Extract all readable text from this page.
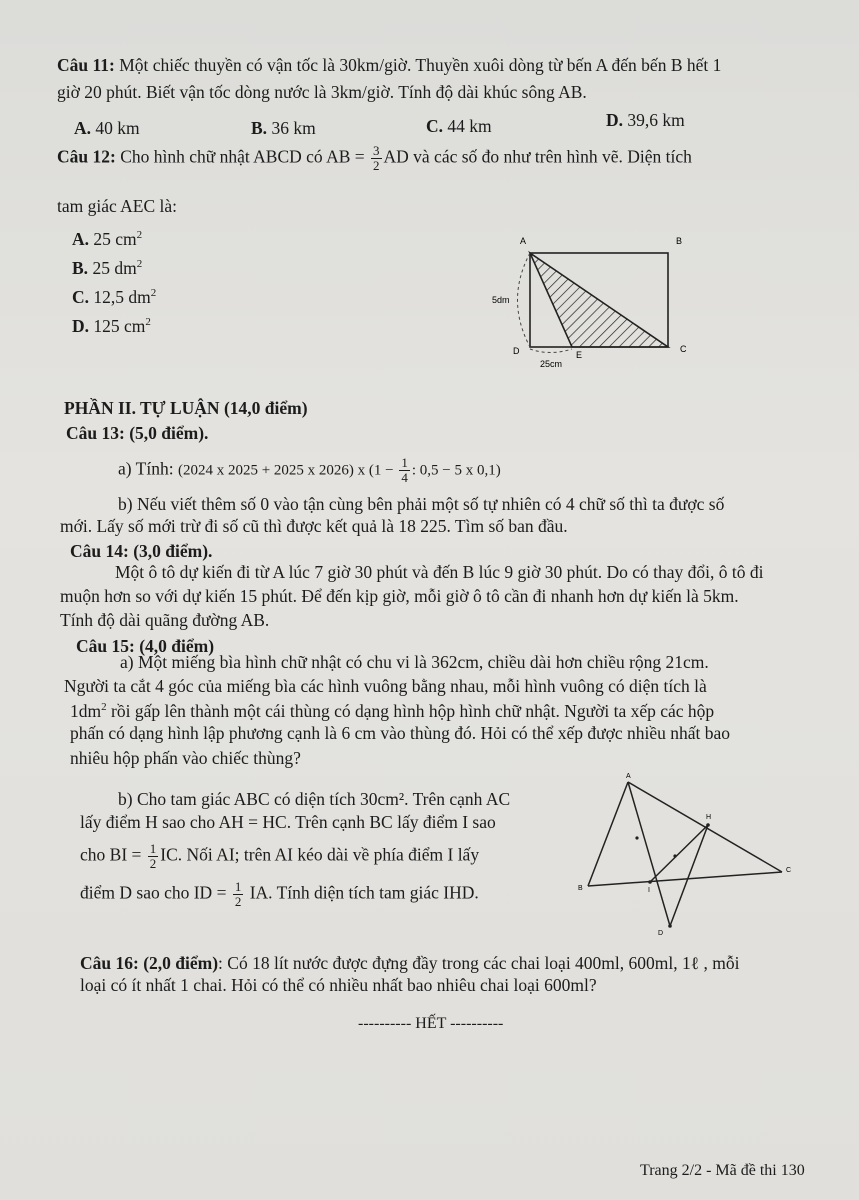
Câu 11: Một chiếc thuyền có vận tốc là 30km/giờ. Thuyền xuôi dòng từ bến A đến bến B hết 1
giờ 20 phút. Biết vận tốc dòng nước là 3km/giờ. Tính độ dài khúc sông AB.
A. 40 km	B. 36 km	C. 44 km	D. 39,6 km
Câu 12: Cho hình chữ nhật ABCD có AB = $\frac{3}{2}$ AD và các số đo như trên hình vẽ. Diện tích
tam giác AEC là:
A. 25 $cm^2$
B. 25 $dm^2$
C. 12,5 $dm^2$
D. 125 $cm^2$
A	B
C
D	E
5dm
25cm
PHẦN II. TỰ LUẬN (14,0 điểm)
Câu 13: (5,0 điểm).
a) Tính: (2024 x 2025 + 2025 x 2026) x ($1 - \frac{1}{4}$ : 0,5 − 5 x 0,1)
b) Nếu viết thêm số 0 vào tận cùng bên phải một số tự nhiên có 4 chữ số thì ta được số
mới. Lấy số mới trừ đi số cũ thì được kết quả là 18 225. Tìm số ban đầu.
Câu 14: (3,0 điểm).
Một ô tô dự kiến đi từ A lúc 7 giờ 30 phút và đến B lúc 9 giờ 30 phút. Do có thay đổi, ô tô đi
muộn hơn so với dự kiến 15 phút. Để đến kịp giờ, mỗi giờ ô tô cần đi nhanh hơn dự kiến là 5km.
Tính độ dài quãng đường AB.
Câu 15: (4,0 điểm)
a) Một miếng bìa hình chữ nhật có chu vi là 362cm, chiều dài hơn chiều rộng 21cm.
Người ta cắt 4 góc của miếng bìa các hình vuông bằng nhau, mỗi hình vuông có diện tích là
$1dm^2$ rồi gấp lên thành một cái thùng có dạng hình hộp hình chữ nhật. Người ta xếp các hộp
phấn có dạng hình lập phương cạnh là 6 cm vào thùng đó. Hỏi có thể xếp được nhiều nhất bao
nhiêu hộp phấn vào chiếc thùng?
b) Cho tam giác ABC có diện tích 30cm². Trên cạnh AC
lấy điểm H sao cho AH = HC. Trên cạnh BC lấy điểm I sao
cho BI = $\frac{1}{2}$ IC. Nối AI; trên AI kéo dài về phía điểm I lấy
điểm D sao cho ID = $\frac{1}{2}$ IA. Tính diện tích tam giác IHD.
A
H
C
B	I
D
Câu 16: (2,0 điểm): Có 18 lít nước được đựng đầy trong các chai loại 400ml, 600ml, 1ℓ , mỗi
loại có ít nhất 1 chai. Hỏi có thể có nhiều nhất bao nhiêu chai loại 600ml?
---------- HẾT ----------
Trang 2/2 - Mã đề thi 130
